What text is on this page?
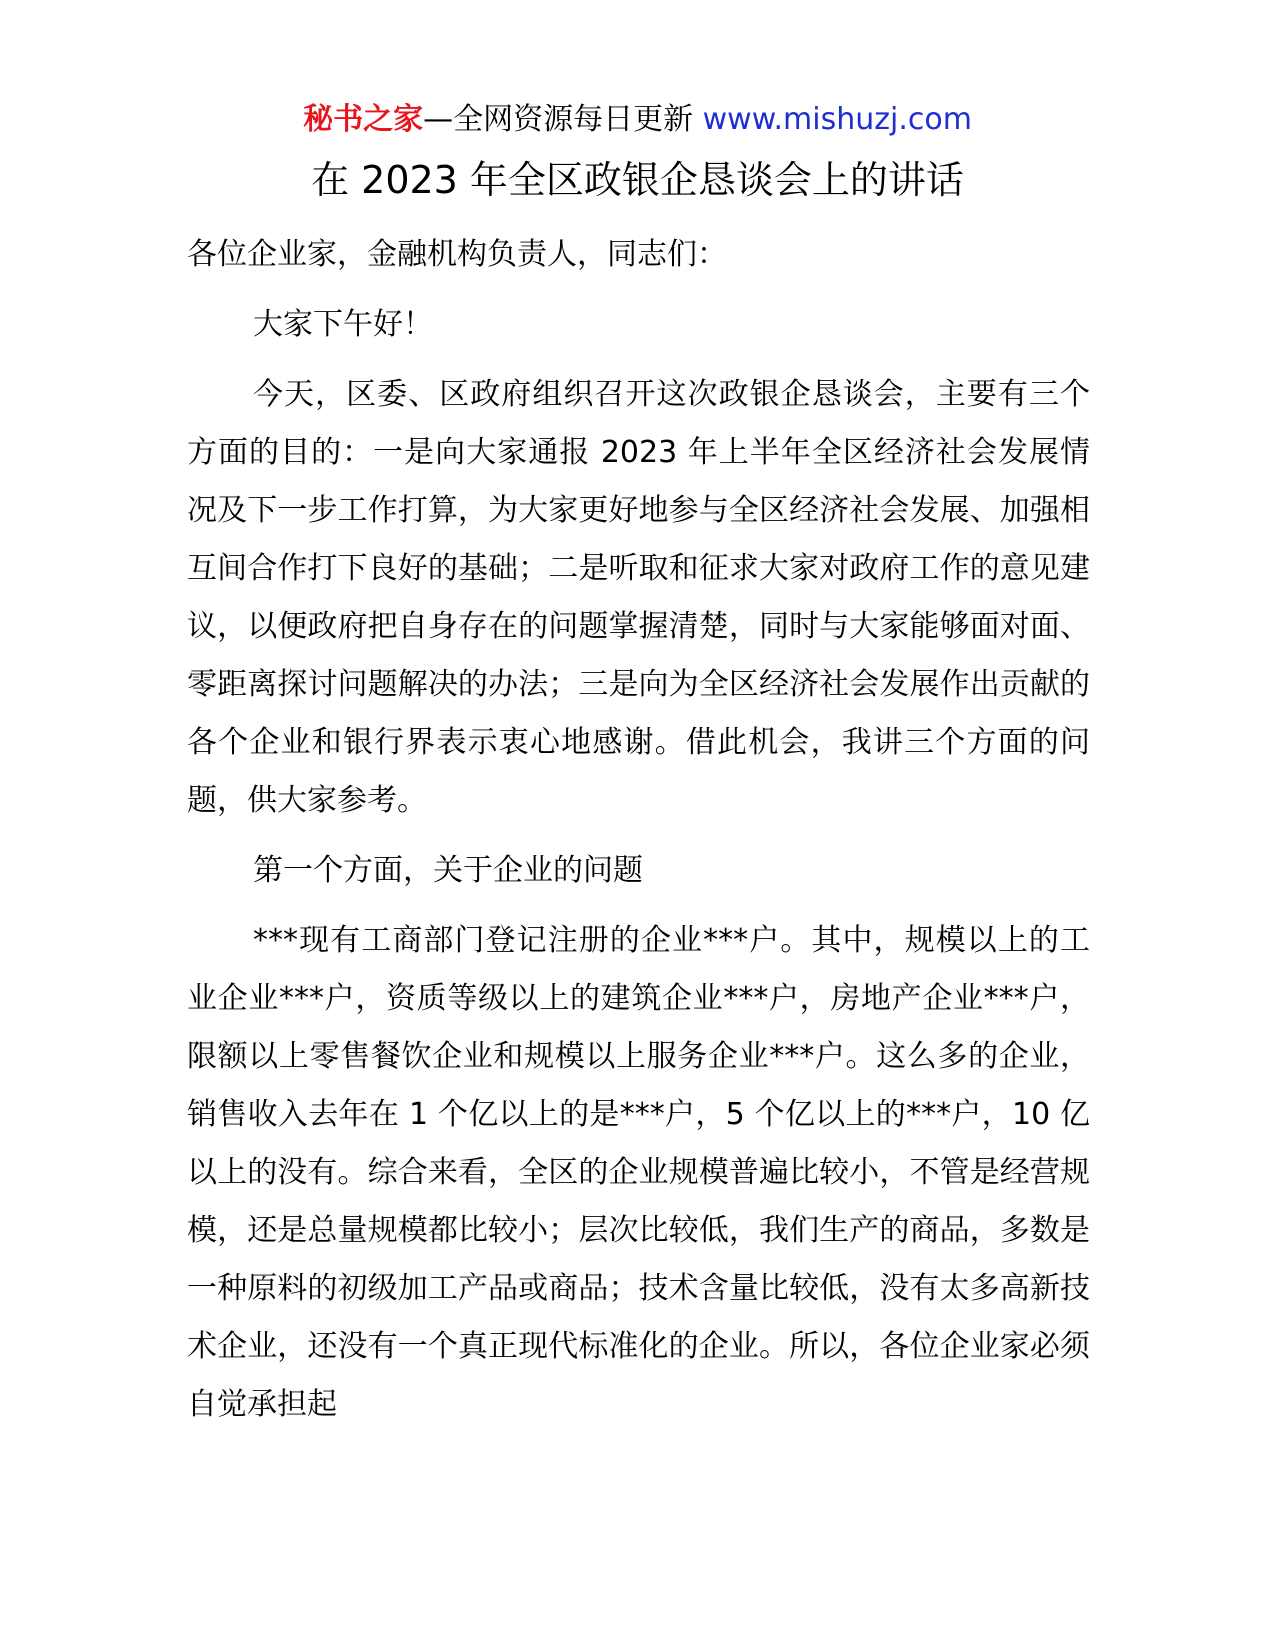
秘书之家—全网资源每日更新 www.mishuzj.com
在 2023 年全区政银企恳谈会上的讲话

各位企业家，金融机构负责人，同志们：

大家下午好！

今天，区委、区政府组织召开这次政银企恳谈会，主要有三个方面的目的：一是向大家通报 2023 年上半年全区经济社会发展情况及下一步工作打算，为大家更好地参与全区经济社会发展、加强相互间合作打下良好的基础；二是听取和征求大家对政府工作的意见建议，以便政府把自身存在的问题掌握清楚，同时与大家能够面对面、零距离探讨问题解决的办法；三是向为全区经济社会发展作出贡献的各个企业和银行界表示衷心地感谢。借此机会，我讲三个方面的问题，供大家参考。

第一个方面，关于企业的问题

***现有工商部门登记注册的企业***户。其中，规模以上的工业企业***户，资质等级以上的建筑企业***户，房地产企业***户，限额以上零售餐饮企业和规模以上服务企业***户。这么多的企业，销售收入去年在 1 个亿以上的是***户，5 个亿以上的***户，10 亿以上的没有。综合来看，全区的企业规模普遍比较小，不管是经营规模，还是总量规模都比较小；层次比较低，我们生产的商品，多数是一种原料的初级加工产品或商品；技术含量比较低，没有太多高新技术企业，还没有一个真正现代标准化的企业。所以，各位企业家必须自觉承担起
